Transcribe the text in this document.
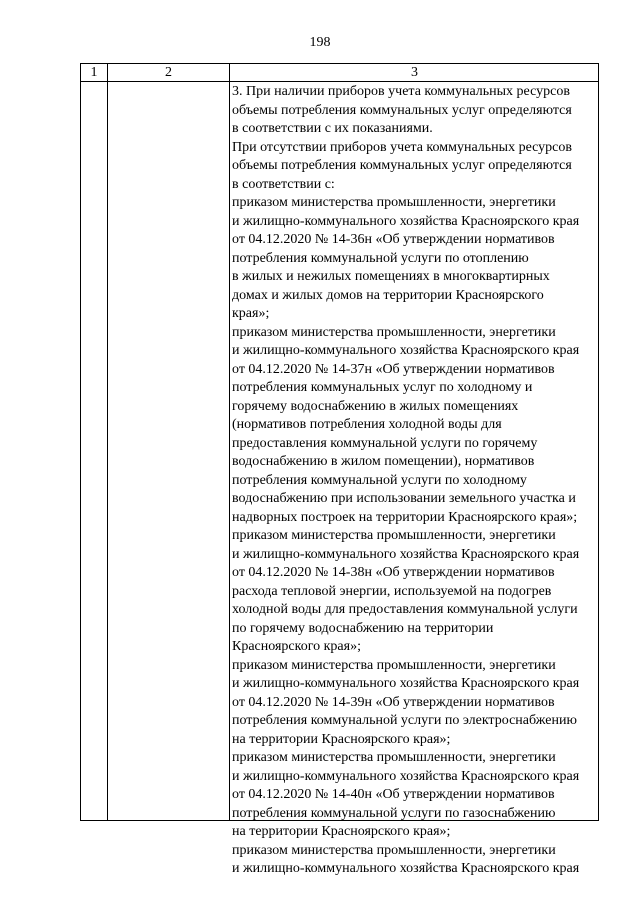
198
1	2	3
3. При наличии приборов учета коммунальных ресурсов
объемы потребления коммунальных услуг определяются
в соответствии с их показаниями.
При отсутствии приборов учета коммунальных ресурсов
объемы потребления коммунальных услуг определяются
в соответствии с:
приказом министерства промышленности, энергетики
и жилищно-коммунального хозяйства Красноярского края
от 04.12.2020 № 14-36н «Об утверждении нормативов
потребления коммунальной услуги по отоплению
в жилых и нежилых помещениях в многоквартирных
домах и жилых домов на территории Красноярского
края»;
приказом министерства промышленности, энергетики
и жилищно-коммунального хозяйства Красноярского края
от 04.12.2020 № 14-37н «Об утверждении нормативов
потребления коммунальных услуг по холодному и
горячему водоснабжению в жилых помещениях
(нормативов потребления холодной воды для
предоставления коммунальной услуги по горячему
водоснабжению в жилом помещении), нормативов
потребления коммунальной услуги по холодному
водоснабжению при использовании земельного участка и
надворных построек на территории Красноярского края»;
приказом министерства промышленности, энергетики
и жилищно-коммунального хозяйства Красноярского края
от 04.12.2020 № 14-38н «Об утверждении нормативов
расхода тепловой энергии, используемой на подогрев
холодной воды для предоставления коммунальной услуги
по горячему водоснабжению на территории
Красноярского края»;
приказом министерства промышленности, энергетики
и жилищно-коммунального хозяйства Красноярского края
от 04.12.2020 № 14-39н «Об утверждении нормативов
потребления коммунальной услуги по электроснабжению
на территории Красноярского края»;
приказом министерства промышленности, энергетики
и жилищно-коммунального хозяйства Красноярского края
от 04.12.2020 № 14-40н «Об утверждении нормативов
потребления коммунальной услуги по газоснабжению
на территории Красноярского края»;
приказом министерства промышленности, энергетики
и жилищно-коммунального хозяйства Красноярского края
